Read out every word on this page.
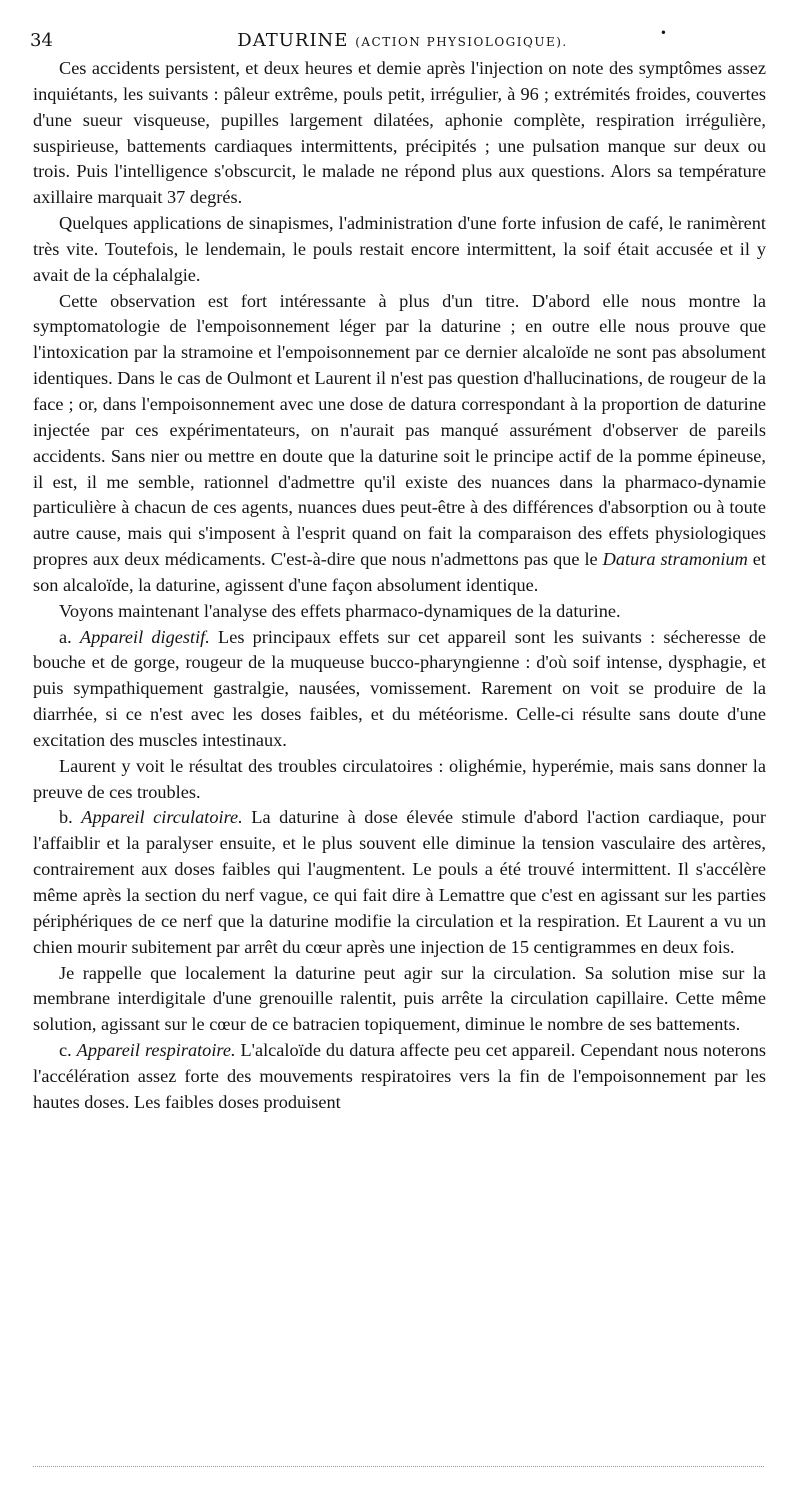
34	DATURINE (ACTION PHYSIOLOGIQUE).
•

Ces accidents persistent, et deux heures et demie après l'injection on note des symptômes assez inquiétants, les suivants : pâleur extrême, pouls petit, irrégulier, à 96 ; extrémités froides, couvertes d'une sueur visqueuse, pupilles largement dilatées, aphonie complète, respiration irrégulière, suspirieuse, battements cardiaques intermittents, précipités ; une pulsation manque sur deux ou trois. Puis l'intelligence s'obscurcit, le malade ne répond plus aux questions. Alors sa température axillaire marquait 37 degrés.

Quelques applications de sinapismes, l'administration d'une forte infusion de café, le ranimèrent très vite. Toutefois, le lendemain, le pouls restait encore intermittent, la soif était accusée et il y avait de la céphalalgie.

Cette observation est fort intéressante à plus d'un titre. D'abord elle nous montre la symptomatologie de l'empoisonnement léger par la daturine ; en outre elle nous prouve que l'intoxication par la stramoine et l'empoisonnement par ce dernier alcaloïde ne sont pas absolument identiques. Dans le cas de Oulmont et Laurent il n'est pas question d'hallucinations, de rougeur de la face ; or, dans l'empoisonnement avec une dose de datura correspondant à la proportion de daturine injectée par ces expérimentateurs, on n'aurait pas manqué assurément d'observer de pareils accidents. Sans nier ou mettre en doute que la daturine soit le principe actif de la pomme épineuse, il est, il me semble, rationnel d'admettre qu'il existe des nuances dans la pharmaco-dynamie particulière à chacun de ces agents, nuances dues peut-être à des différences d'absorption ou à toute autre cause, mais qui s'imposent à l'esprit quand on fait la comparaison des effets physiologiques propres aux deux médicaments. C'est-à-dire que nous n'admettons pas que le Datura stramonium et son alcaloïde, la daturine, agissent d'une façon absolument identique.

Voyons maintenant l'analyse des effets pharmaco-dynamiques de la daturine.

a. Appareil digestif. Les principaux effets sur cet appareil sont les suivants : sécheresse de bouche et de gorge, rougeur de la muqueuse bucco-pharyngienne : d'où soif intense, dysphagie, et puis sympathiquement gastralgie, nausées, vomissement. Rarement on voit se produire de la diarrhée, si ce n'est avec les doses faibles, et du météorisme. Celle-ci résulte sans doute d'une excitation des muscles intestinaux.

Laurent y voit le résultat des troubles circulatoires : olighémie, hyperémie, mais sans donner la preuve de ces troubles.

b. Appareil circulatoire. La daturine à dose élevée stimule d'abord l'action cardiaque, pour l'affaiblir et la paralyser ensuite, et le plus souvent elle diminue la tension vasculaire des artères, contrairement aux doses faibles qui l'augmentent. Le pouls a été trouvé intermittent. Il s'accélère même après la section du nerf vague, ce qui fait dire à Lemattre que c'est en agissant sur les parties périphériques de ce nerf que la daturine modifie la circulation et la respiration. Et Laurent a vu un chien mourir subitement par arrêt du cœur après une injection de 15 centigrammes en deux fois.

Je rappelle que localement la daturine peut agir sur la circulation. Sa solution mise sur la membrane interdigitale d'une grenouille ralentit, puis arrête la circulation capillaire. Cette même solution, agissant sur le cœur de ce batracien topiquement, diminue le nombre de ses battements.

c. Appareil respiratoire. L'alcaloïde du datura affecte peu cet appareil. Cependant nous noterons l'accélération assez forte des mouvements respiratoires vers la fin de l'empoisonnement par les hautes doses. Les faibles doses produisent
